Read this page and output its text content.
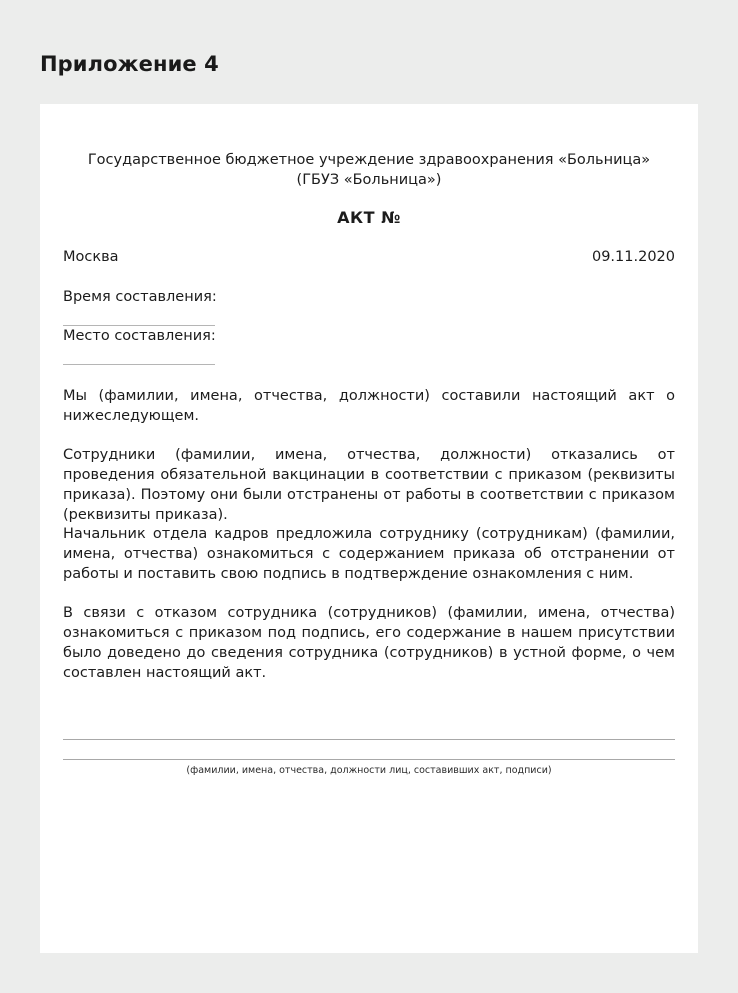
Приложение 4
Государственное бюджетное учреждение здравоохранения «Больница»
(ГБУЗ «Больница»)
АКТ №
Москва	09.11.2020
Время составления:
Место составления:
Мы (фамилии, имена, отчества, должности) составили настоящий акт о нижеследующем.
Сотрудники (фамилии, имена, отчества, должности) отказались от проведения обязательной вакцинации в соответствии с приказом (реквизиты приказа). Поэтому они были отстранены от работы в соответствии с приказом (реквизиты приказа).
Начальник отдела кадров предложила сотруднику (сотрудникам) (фамилии, имена, отчества) ознакомиться с содержанием приказа об отстранении от работы и поставить свою подпись в подтверждение ознакомления с ним.
В связи с отказом сотрудника (сотрудников) (фамилии, имена, отчества) ознакомиться с приказом под подпись, его содержание в нашем присутствии было доведено до сведения сотрудника (сотрудников) в устной форме, о чем составлен настоящий акт.
(фамилии, имена, отчества, должности лиц, составивших акт, подписи)
